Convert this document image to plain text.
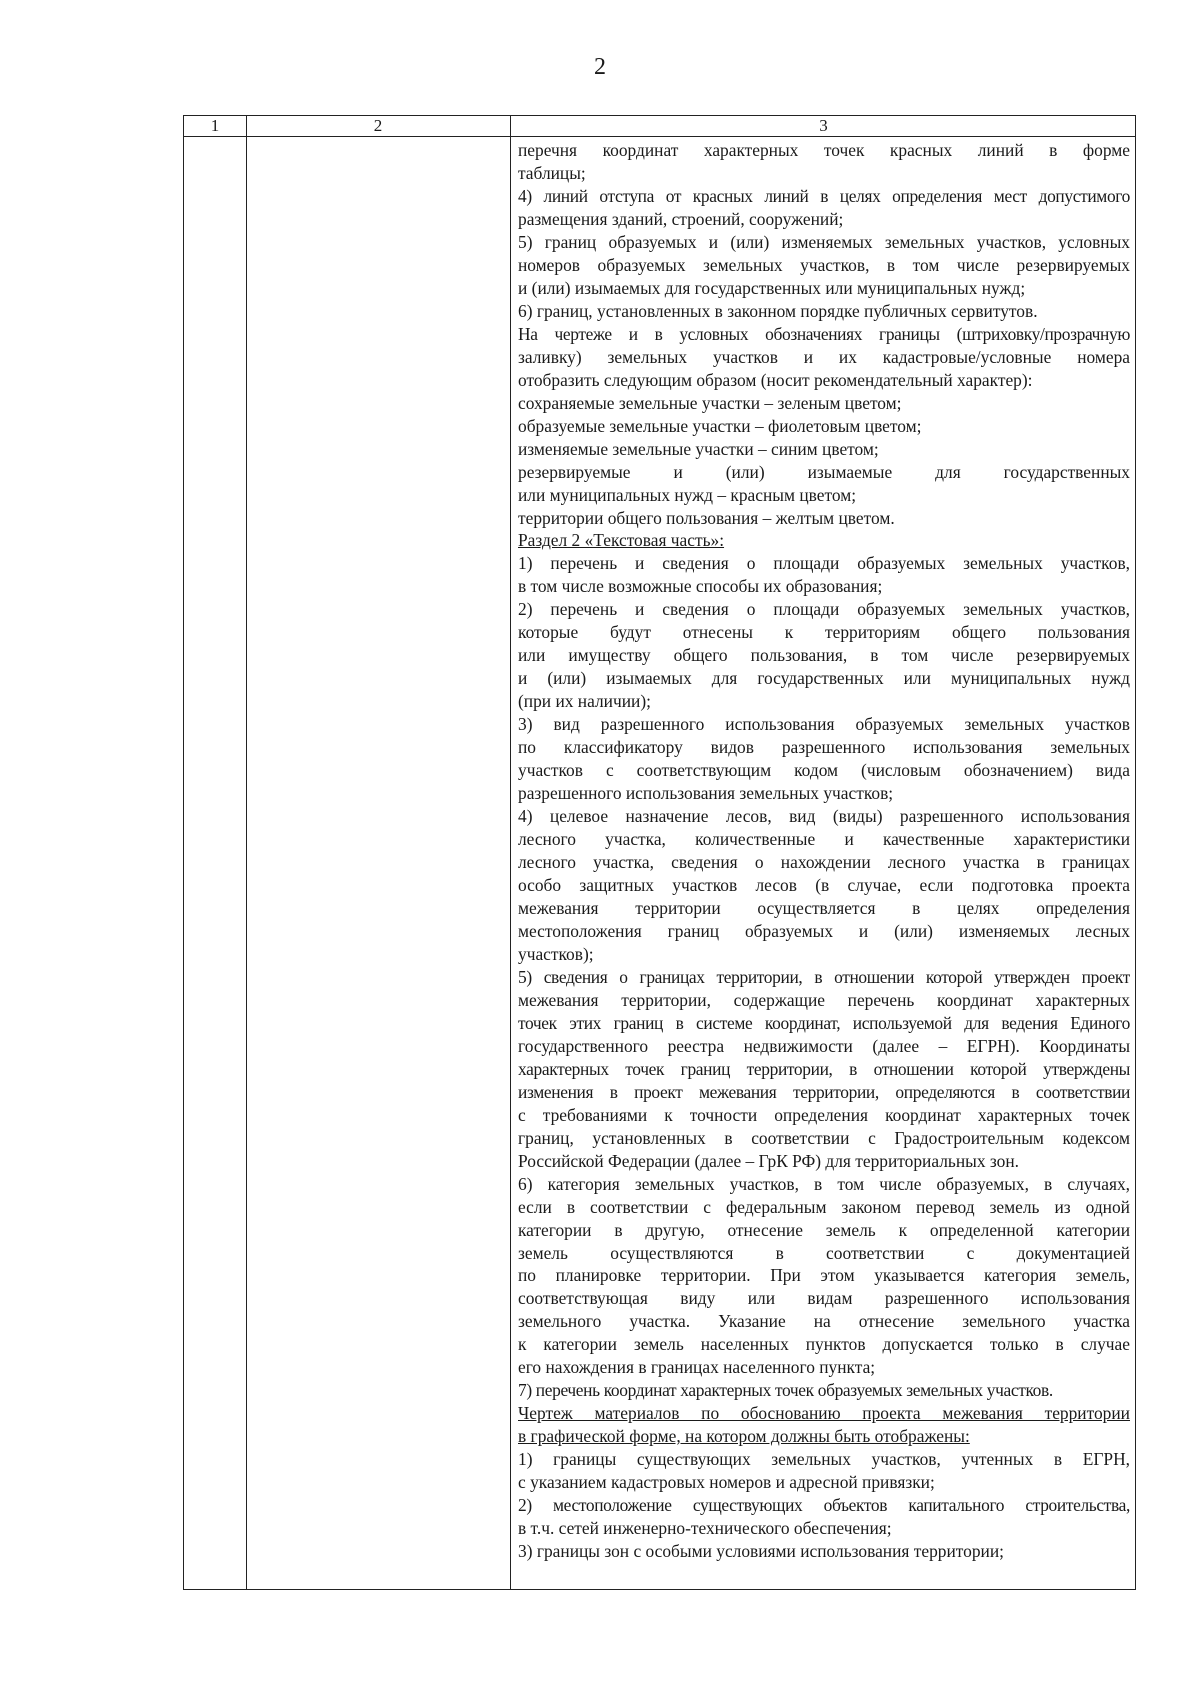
2
1	2	3
перечня координат характерных точек красных линий в форме
таблицы;
4) линий отступа от красных линий в целях определения мест допустимого
размещения зданий, строений, сооружений;
5) границ образуемых и (или) изменяемых земельных участков, условных
номеров образуемых земельных участков, в том числе резервируемых
и (или) изымаемых для государственных или муниципальных нужд;
6) границ, установленных в законном порядке публичных сервитутов.
На чертеже и в условных обозначениях границы (штриховку/прозрачную
заливку) земельных участков и их кадастровые/условные номера
отобразить следующим образом (носит рекомендательный характер):
сохраняемые земельные участки – зеленым цветом;
образуемые земельные участки – фиолетовым цветом;
изменяемые земельные участки – синим цветом;
резервируемые и (или) изымаемые для государственных
или муниципальных нужд – красным цветом;
территории общего пользования – желтым цветом.
Раздел 2 «Текстовая часть»:
1) перечень и сведения о площади образуемых земельных участков,
в том числе возможные способы их образования;
2) перечень и сведения о площади образуемых земельных участков,
которые будут отнесены к территориям общего пользования
или имуществу общего пользования, в том числе резервируемых
и (или) изымаемых для государственных или муниципальных нужд
(при их наличии);
3) вид разрешенного использования образуемых земельных участков
по классификатору видов разрешенного использования земельных
участков с соответствующим кодом (числовым обозначением) вида
разрешенного использования земельных участков;
4) целевое назначение лесов, вид (виды) разрешенного использования
лесного участка, количественные и качественные характеристики
лесного участка, сведения о нахождении лесного участка в границах
особо защитных участков лесов (в случае, если подготовка проекта
межевания территории осуществляется в целях определения
местоположения границ образуемых и (или) изменяемых лесных
участков);
5) сведения о границах территории, в отношении которой утвержден проект
межевания территории, содержащие перечень координат характерных
точек этих границ в системе координат, используемой для ведения Единого
государственного реестра недвижимости (далее – ЕГРН). Координаты
характерных точек границ территории, в отношении которой утверждены
изменения в проект межевания территории, определяются в соответствии
с требованиями к точности определения координат характерных точек
границ, установленных в соответствии с Градостроительным кодексом
Российской Федерации (далее – ГрК РФ) для территориальных зон.
6) категория земельных участков, в том числе образуемых, в случаях,
если в соответствии с федеральным законом перевод земель из одной
категории в другую, отнесение земель к определенной категории
земель осуществляются в соответствии с документацией
по планировке территории. При этом указывается категория земель,
соответствующая виду или видам разрешенного использования
земельного участка. Указание на отнесение земельного участка
к категории земель населенных пунктов допускается только в случае
его нахождения в границах населенного пункта;
7) перечень координат характерных точек образуемых земельных участков.
Чертеж материалов по обоснованию проекта межевания территории
в графической форме, на котором должны быть отображены:
1) границы существующих земельных участков, учтенных в ЕГРН,
с указанием кадастровых номеров и адресной привязки;
2) местоположение существующих объектов капитального строительства,
в т.ч. сетей инженерно-технического обеспечения;
3) границы зон с особыми условиями использования территории;
